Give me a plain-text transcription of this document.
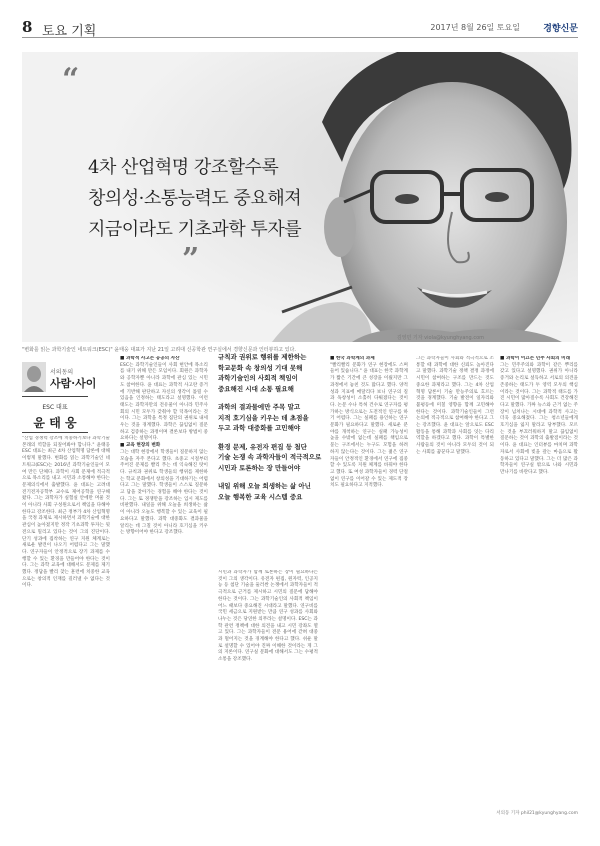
8 토요 기획	2017년 8월 26일 토요일	경향신문
“
4차 산업혁명 강조할수록
창의성·소통능력도 중요해져
지금이라도 기초과학 투자를
”
김영민 기자 viola@kyunghyang.com
"변화를 읽는 과학기술인 네트워크(ESC)" 윤태웅 대표가 지난 21일 고려대 신공학관 연구실에서 경향신문과 인터뷰하고 있다.
서의동의
사람·사이
ESC 대표
윤 태 웅
"산업 경쟁력 강조에 치중하기보다 과학기술 본래의 역할을 되짚어봐야 합니다." 윤태웅 ESC 대표는 최근 4차 산업혁명 담론에 대해 이렇게 말했다. 변화를 읽는 과학기술인 네트워크(ESC)는 2016년 과학기술인들이 모여 만든 단체다. 과학이 사회 문제에 적극적으로 목소리를 내고 시민과 소통해야 한다는 문제의식에서 출발했다. 윤 대표는 고려대 전기전자공학부 교수로 제어공학을 연구해왔다. 그는 과학자가 실험실 안에만 머물 것이 아니라 사회 구성원으로서 책임을 다해야 한다고 강조한다. 최근 정부가 4차 산업혁명을 국정 과제로 제시하면서 과학기술에 대한 관심이 높아졌지만 정작 기초과학 투자는 뒷전으로 밀리고 있다는 것이 그의 진단이다. 단기 성과에 집착하는 연구 지원 체계로는 새로운 발견이 나오기 어렵다고 그는 말했다. 연구자들이 안정적으로 장기 과제를 수행할 수 있는 환경을 만들어야 한다는 것이다. 그는 과학 교육에 대해서도 문제를 제기했다. 정답을 빨리 찾는 훈련에 치중한 교육으로는 창의적 인재를 길러낼 수 없다는 것이다.
■ 과학적 사고는 공공의 자산
ESC는 과학기술인들이 사회 현안에 목소리를 내기 위해 만든 모임이다. 회원은 과학자와 공학자뿐 아니라 과학에 관심 있는 시민도 참여한다. 윤 대표는 과학적 사고란 증거에 기반해 판단하고 자신의 생각이 틀릴 수 있음을 인정하는 태도라고 설명했다. 이런 태도는 과학자만의 전유물이 아니라 민주사회의 시민 모두가 갖춰야 할 덕목이라는 것이다. 그는 과학을 특정 집단의 권위로 내세우는 것을 경계했다. 과학은 끊임없이 질문하고 검증하는 과정이며 결론보다 방법이 중요하다는 설명이다.
■ 교육 현장의 변화
그는 대학 현장에서 학생들이 질문하지 않는 모습을 자주 본다고 했다. 초중고 시절부터 주어진 문제를 빨리 푸는 데 익숙해진 탓이다. 규칙과 권위로 학생들의 행위를 제한하는 학교 문화에서 창의성을 기대하기는 어렵다고 그는 말했다. 학생들이 스스로 질문하고 답을 찾아가는 경험을 해야 한다는 것이다. 그는 또 경쟁만을 강조하는 입시 제도를 비판했다. 내일을 위해 오늘을 희생하는 삶이 아니라 오늘도 행복할 수 있는 교육이 필요하다고 말했다. 과학 대중화도 결과물을 알리는 데 그칠 것이 아니라 호기심을 키우는 방향이어야 한다고 강조했다.
규칙과 권위로 행위를 제한하는
학교문화 속 창의성 기대 못해
과학기술인의 사회적 책임이
중요해진 시대 소통 필요해
과학의 결과물에만 주목 말고
지적 호기심을 키우는 데 초점을
두고 과학 대중화를 고민해야
환경 문제, 유전자 편집 등 첨단
기술 논쟁 속 과학자들이 적극적으로
시민과 토론하는 장 만들어야
내일 위해 오늘 희생하는 삶 아닌
오늘 행복한 교육 시스템 중요
시민과 과학자가 함께 토론하는 장이 필요하다는 것이 그의 생각이다. 유전자 편집, 원자력, 인공지능 등 첨단 기술을 둘러싼 논쟁에서 과학자들이 적극적으로 근거를 제시하고 시민의 질문에 답해야 한다는 것이다. 그는 과학기술인의 사회적 책임이 어느 때보다 중요해진 시대라고 말했다. 연구비를 국민 세금으로 지원받는 만큼 연구 성과를 사회와 나누는 것은 당연한 의무라는 설명이다. ESC는 과학 관련 정책에 대한 의견을 내고 시민 강좌도 열고 있다. 그는 과학자들이 전문 용어에 갇혀 대중과 멀어지는 것을 경계해야 한다고 했다. 쉬운 말로 설명할 수 있어야 진짜 이해한 것이라는 게 그의 지론이다. 연구실 문화에 대해서도 그는 수평적 소통을 강조했다.
■ 한국 과학계의 과제
"빨리빨리 문화가 연구 현장에도 스며들어 있습니다." 윤 대표는 한국 과학계가 짧은 기간에 큰 성장을 이뤘지만 그 과정에서 놓친 것도 많다고 했다. 양적 성과 지표에 매달리다 보니 연구의 질과 독창성이 소홀히 다뤄졌다는 것이다. 논문 수나 특허 건수로 연구자를 평가하는 방식으로는 도전적인 연구를 하기 어렵다. 그는 실패를 용인하는 연구 문화가 필요하다고 말했다. 새로운 분야를 개척하는 연구는 실패 가능성이 높을 수밖에 없는데 실패를 책임으로 묻는 구조에서는 누구도 모험을 하려 하지 않는다는 것이다. 그는 젊은 연구자들이 안정적인 환경에서 연구에 집중할 수 있도록 지원 체계를 바꿔야 한다고 했다. 또 여성 과학자들이 경력 단절 없이 연구를 이어갈 수 있는 제도적 장치도 필요하다고 지적했다.
그는 과학자들이 사회와 적극적으로 소통할 때 과학에 대한 신뢰도 높아진다고 말했다. 과학기술 정책 결정 과정에 시민이 참여하는 구조를 만드는 것도 중요한 과제라고 했다. 그는 4차 산업혁명 담론이 기술 만능주의로 흐르는 것을 경계했다. 기술 발전이 일자리와 불평등에 미칠 영향을 함께 고민해야 한다는 것이다. 과학기술인들이 그런 논의에 적극적으로 참여해야 한다고 그는 강조했다. 윤 대표는 앞으로도 ESC 활동을 통해 과학과 사회를 잇는 다리 역할을 하겠다고 했다. 과학이 특별한 사람들의 것이 아니라 모두의 것이 되는 사회를 꿈꾼다고 말했다.
■ 과학이 이끄는 민주 사회의 미래
그는 민주주의와 과학이 같은 뿌리를 갖고 있다고 설명했다. 권위가 아니라 증거와 논리로 설득하고 서로의 의견을 존중하는 태도가 두 영역 모두의 핵심이라는 것이다. 그는 과학적 태도를 가진 시민이 많아질수록 사회도 건강해진다고 말했다. 가짜 뉴스와 근거 없는 주장이 넘쳐나는 시대에 과학적 사고는 더욱 중요해졌다. 그는 청소년들에게 호기심을 잃지 말라고 당부했다. 모르는 것을 부끄러워하지 말고 끊임없이 질문하는 것이 과학의 출발점이라는 것이다. 윤 대표는 인터뷰를 마치며 과학자로서 사회에 빚을 갚는 마음으로 활동하고 있다고 말했다. 그는 더 많은 과학자들이 연구실 밖으로 나와 시민과 만나기를 바란다고 했다.
서의동 기자 phil21@kyunghyang.com
